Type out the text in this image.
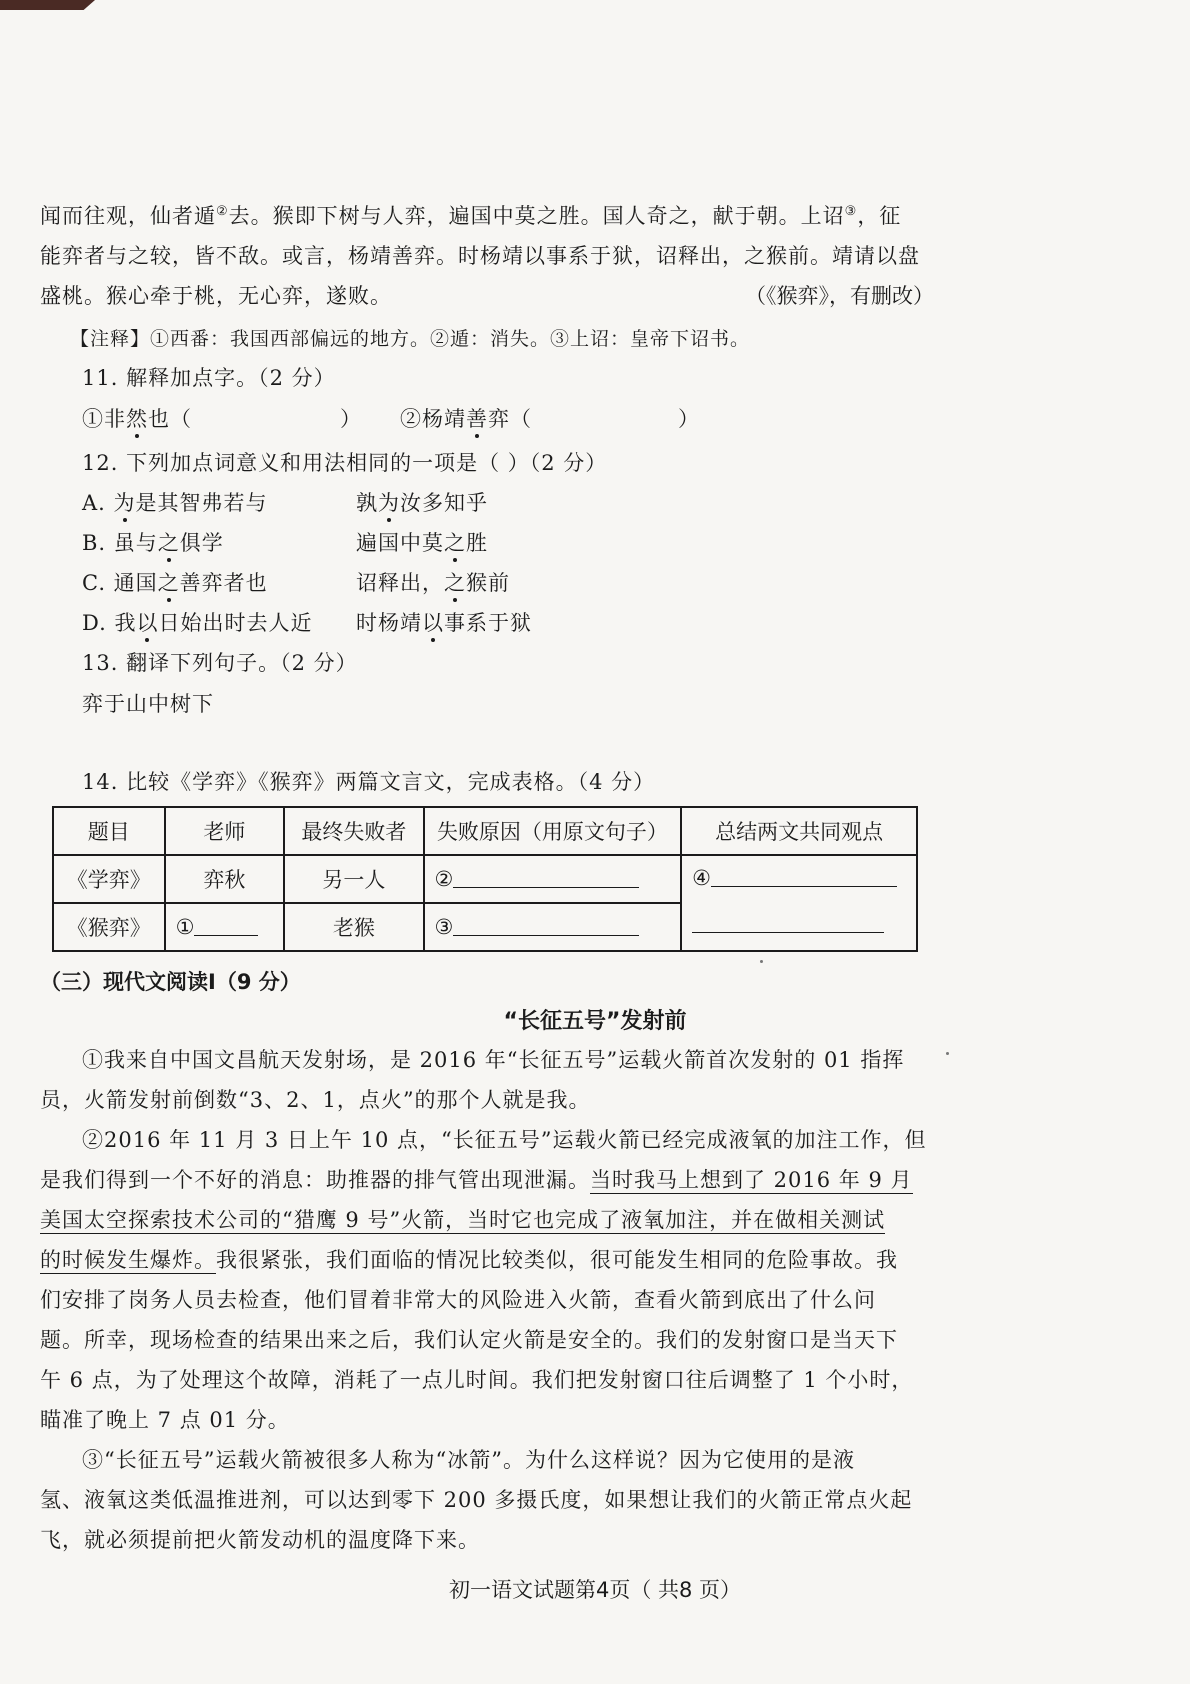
闻而往观，仙者遁②去。猴即下树与人弈，遍国中莫之胜。国人奇之，献于朝。上诏③，征
能弈者与之较，皆不敌。或言，杨靖善弈。时杨靖以事系于狱，诏释出，之猴前。靖请以盘
盛桃。猴心牵于桃，无心弈，遂败。	（《猴弈》，有删改）
【注释】①西番：我国西部偏远的地方。②遁：消失。③上诏：皇帝下诏书。
11. 解释加点字。（2 分）
①非然也（	） ②杨靖善弈（	）
12. 下列加点词意义和用法相同的一项是（ ）（2 分）
A. 为是其智弗若与	孰为汝多知乎
B. 虽与之俱学	遍国中莫之胜
C. 通国之善弈者也	诏释出，之猴前
D. 我以日始出时去人近 时杨靖以事系于狱
13. 翻译下列句子。（2 分）
弈于山中树下
14. 比较《学弈》《猴弈》两篇文言文，完成表格。（4 分）
题目	老师	最终失败者	失败原因（用原文句子）	总结两文共同观点
《学弈》	弈秋	另一人	②	④

《猴弈》	①	老猴	③	
（三）现代文阅读Ⅰ（9 分）
“长征五号”发射前
①我来自中国文昌航天发射场，是 2016 年“长征五号”运载火箭首次发射的 01 指挥
员，火箭发射前倒数“3、2、1，点火”的那个人就是我。
②2016 年 11 月 3 日上午 10 点，“长征五号”运载火箭已经完成液氧的加注工作，但
是我们得到一个不好的消息：助推器的排气管出现泄漏。当时我马上想到了 2016 年 9 月
美国太空探索技术公司的“猎鹰 9 号”火箭，当时它也完成了液氧加注，并在做相关测试
的时候发生爆炸。我很紧张，我们面临的情况比较类似，很可能发生相同的危险事故。我
们安排了岗务人员去检查，他们冒着非常大的风险进入火箭，查看火箭到底出了什么问
题。所幸，现场检查的结果出来之后，我们认定火箭是安全的。我们的发射窗口是当天下
午 6 点，为了处理这个故障，消耗了一点儿时间。我们把发射窗口往后调整了 1 个小时，
瞄准了晚上 7 点 01 分。
③“长征五号”运载火箭被很多人称为“冰箭”。为什么这样说？因为它使用的是液
氢、液氧这类低温推进剂，可以达到零下 200 多摄氏度，如果想让我们的火箭正常点火起
飞，就必须提前把火箭发动机的温度降下来。
初一语文试题第4页（ 共8 页）
